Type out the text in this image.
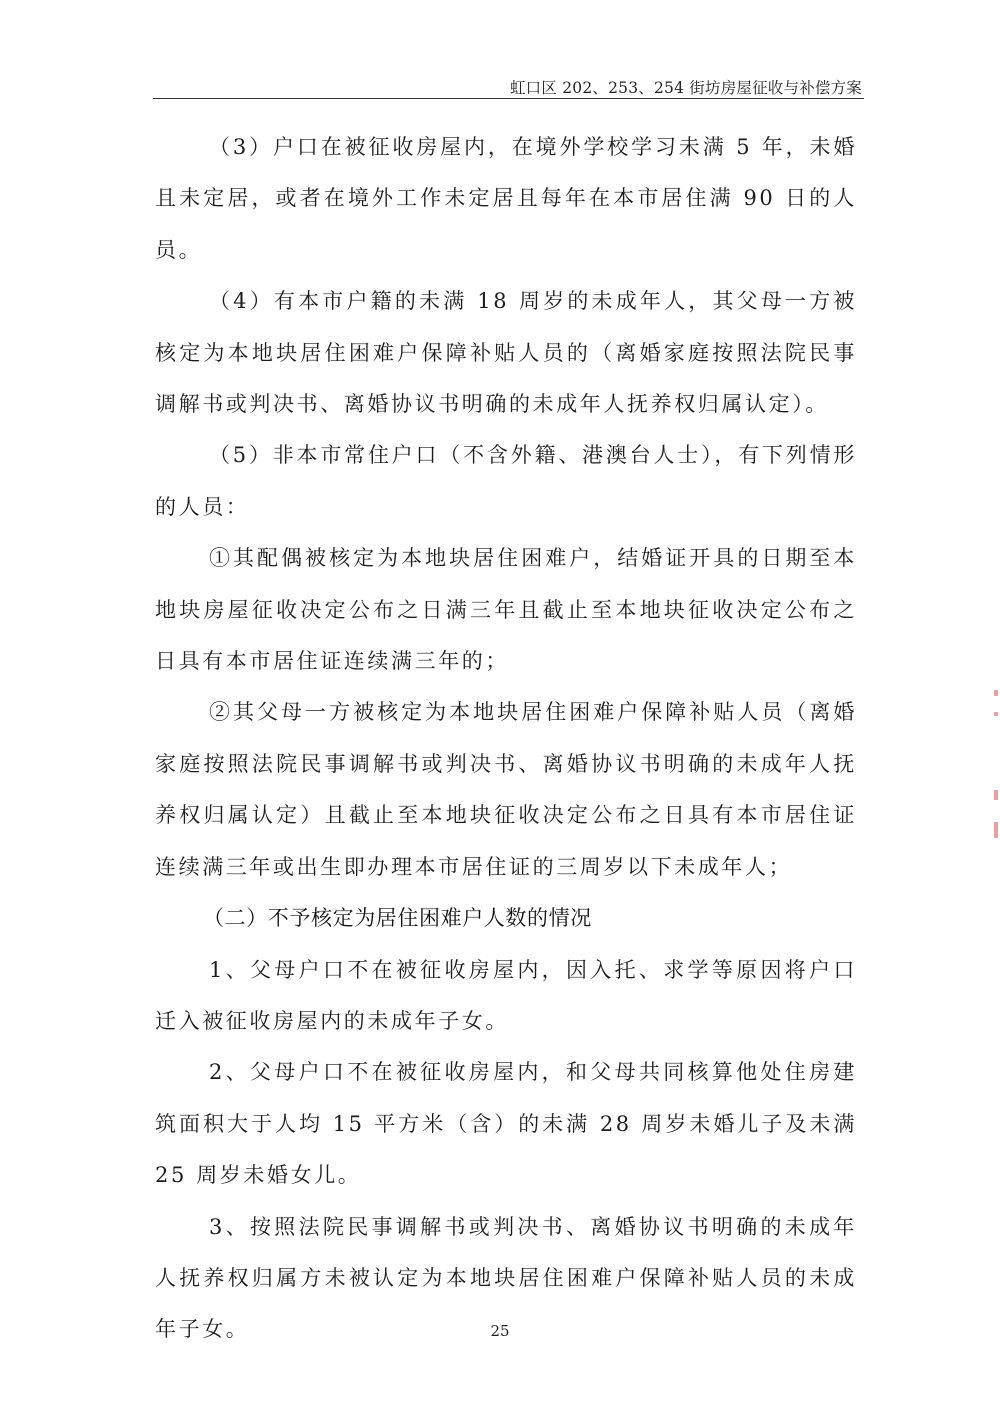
虹口区 202、253、254 街坊房屋征收与补偿方案

（3）户口在被征收房屋内，在境外学校学习未满 5 年，未婚且未定居，或者在境外工作未定居且每年在本市居住满 90 日的人员。

（4）有本市户籍的未满 18 周岁的未成年人，其父母一方被核定为本地块居住困难户保障补贴人员的（离婚家庭按照法院民事调解书或判决书、离婚协议书明确的未成年人抚养权归属认定）。

（5）非本市常住户口（不含外籍、港澳台人士），有下列情形的人员：

①其配偶被核定为本地块居住困难户，结婚证开具的日期至本地块房屋征收决定公布之日满三年且截止至本地块征收决定公布之日具有本市居住证连续满三年的；

②其父母一方被核定为本地块居住困难户保障补贴人员（离婚家庭按照法院民事调解书或判决书、离婚协议书明确的未成年人抚养权归属认定）且截止至本地块征收决定公布之日具有本市居住证连续满三年或出生即办理本市居住证的三周岁以下未成年人；

（二）不予核定为居住困难户人数的情况

1、父母户口不在被征收房屋内，因入托、求学等原因将户口迁入被征收房屋内的未成年子女。

2、父母户口不在被征收房屋内，和父母共同核算他处住房建筑面积大于人均 15 平方米（含）的未满 28 周岁未婚儿子及未满 25 周岁未婚女儿。

3、按照法院民事调解书或判决书、离婚协议书明确的未成年人抚养权归属方未被认定为本地块居住困难户保障补贴人员的未成年子女。	25
